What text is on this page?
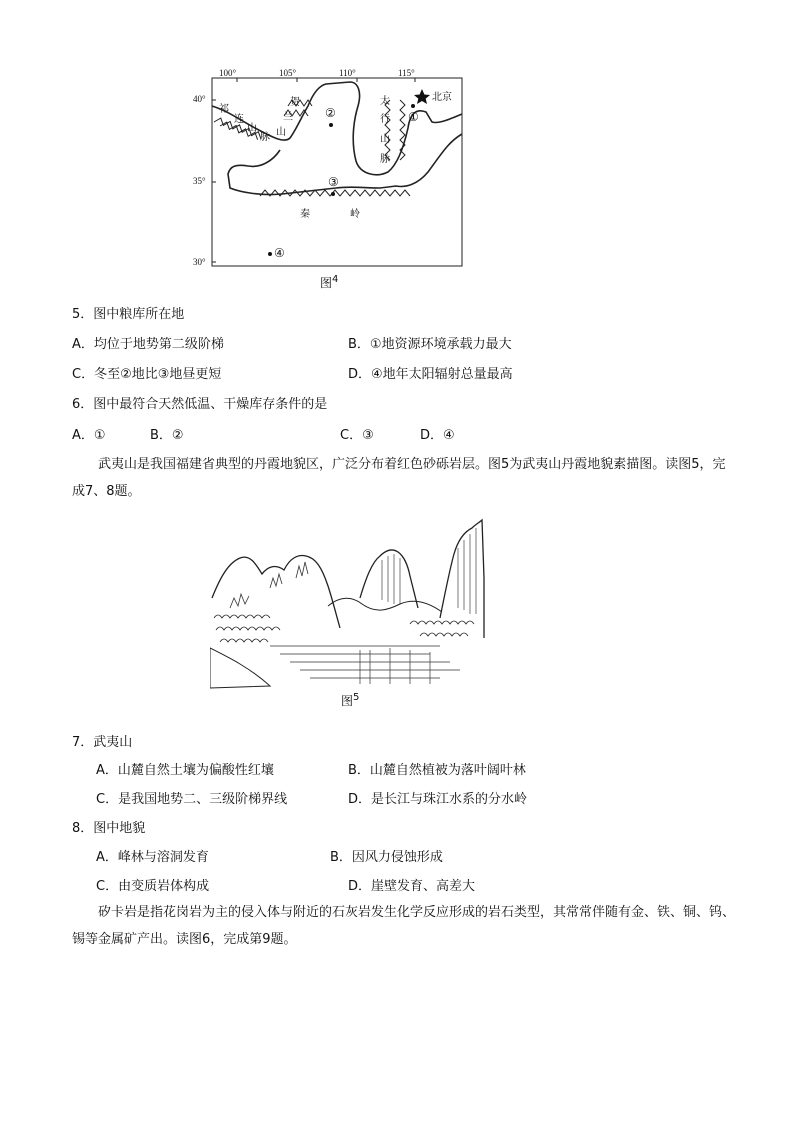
100°	105°	110°	115°
40°
35°
30°
祁
连
山
脉
贺
兰
山
太
行
山
脉
秦	岭
北京
①
②
③
④
图$^4$
5．图中粮库所在地
A．均位于地势第二级阶梯	B．①地资源环境承载力最大
C．冬至②地比③地昼更短	D．④地年太阳辐射总量最高
6．图中最符合天然低温、干燥库存条件的是
A．①	B．②	C．③	D．④
武夷山是我国福建省典型的丹霞地貌区，广泛分布着红色砂砾岩层。图5为武夷山丹霞地貌素描图。读图5，完成7、8题。
图$^5$
7．武夷山
A．山麓自然土壤为偏酸性红壤	B．山麓自然植被为落叶阔叶林
C．是我国地势二、三级阶梯界线	D．是长江与珠江水系的分水岭
8．图中地貌
A．峰林与溶洞发育	B．因风力侵蚀形成
C．由变质岩体构成	D．崖壁发育、高差大
矽卡岩是指花岗岩为主的侵入体与附近的石灰岩发生化学反应形成的岩石类型，其常常伴随有金、铁、铜、钨、锡等金属矿产出。读图6，完成第9题。
